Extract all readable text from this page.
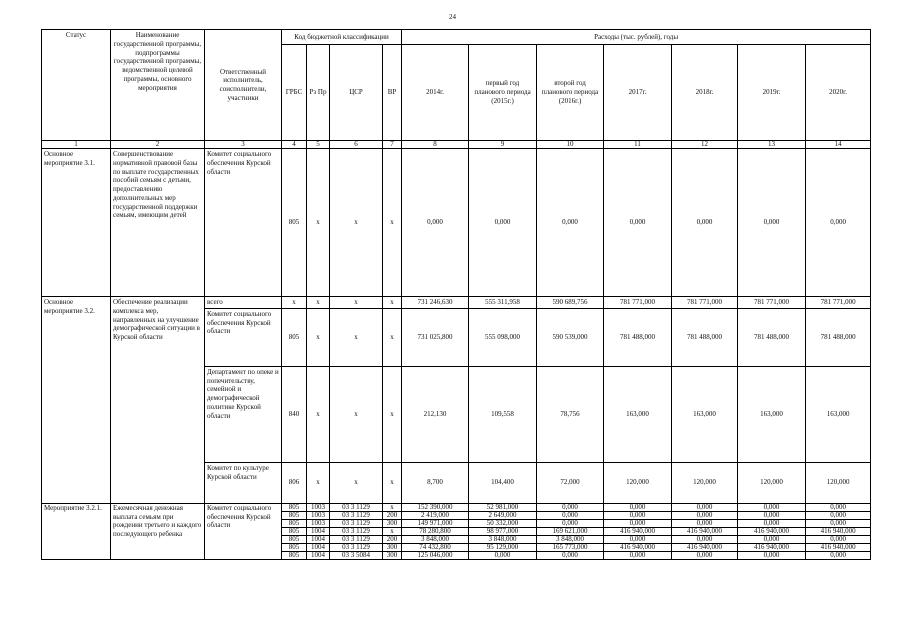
24
Статус	Наименование государственной программы, подпрограммы государственной программы, ведомственной целевой программы, основного мероприятия	Ответственный исполнитель, соисполнители, участники	Код бюджетной классификации				Расходы (тыс. рублей), годы						
			ГРБС	Рз Пр	ЦСР	ВР	2014г.	первый год планового периода (2015г.)	второй год планового периода (2016г.)	2017г.	2018г.	2019г.	2020г.
1	2	3	4	5	6	7	8	9	10	11	12	13	14
Основное мероприятие 3.1.	Совершенствование нормативной правовой базы по выплате государственных пособий семьям с детьми, предоставлению дополнительных мер государственной поддержки семьям, имеющим детей	Комитет социального обеспечения Курской области	805	x	x	x	0,000	0,000	0,000	0,000	0,000	0,000	0,000
Основное мероприятие 3.2.	Обеспечение реализации комплекса мер, направленных на улучшение демографической ситуации в Курской области	всего	x	x	x	x	731 246,630	555 311,958	590 689,756	781 771,000	781 771,000	781 771,000	781 771,000
		Комитет социального обеспечения Курской области	805	x	x	x	731 025,800	555 098,000	590 539,000	781 488,000	781 488,000	781 488,000	781 488,000
		Департамент по опеке и попечительству, семейной и демографической политике Курской области	840	x	x	x	212,130	109,558	78,756	163,000	163,000	163,000	163,000
		Комитет по культуре Курской области	806	x	x	x	8,700	104,400	72,000	120,000	120,000	120,000	120,000
Мероприятие 3.2.1.	Ежемесячная денежная выплата семьям при рождении третьего и каждого последующего ребенка	Комитет социального обеспечения Курской области	805	1003	03 3 1129	x	152 390,000	52 981,000	0,000	0,000	0,000	0,000	0,000
			805	1003	03 3 1129	200	2 419,000	2 649,000	0,000	0,000	0,000	0,000	0,000
			805	1003	03 3 1129	300	149 971,000	50 332,000	0,000	0,000	0,000	0,000	0,000
			805	1004	03 3 1129	x	78 280,800	98 977,000	169 621,000	416 940,000	416 940,000	416 940,000	416 940,000
			805	1004	03 3 1129	200	3 848,000	3 848,000	3 848,000	0,000	0,000	0,000	0,000
			805	1004	03 3 1129	300	74 432,800	95 129,000	165 773,000	416 940,000	416 940,000	416 940,000	416 940,000
			805	1004	03 3 5084	300	125 046,000	0,000	0,000	0,000	0,000	0,000	0,000
